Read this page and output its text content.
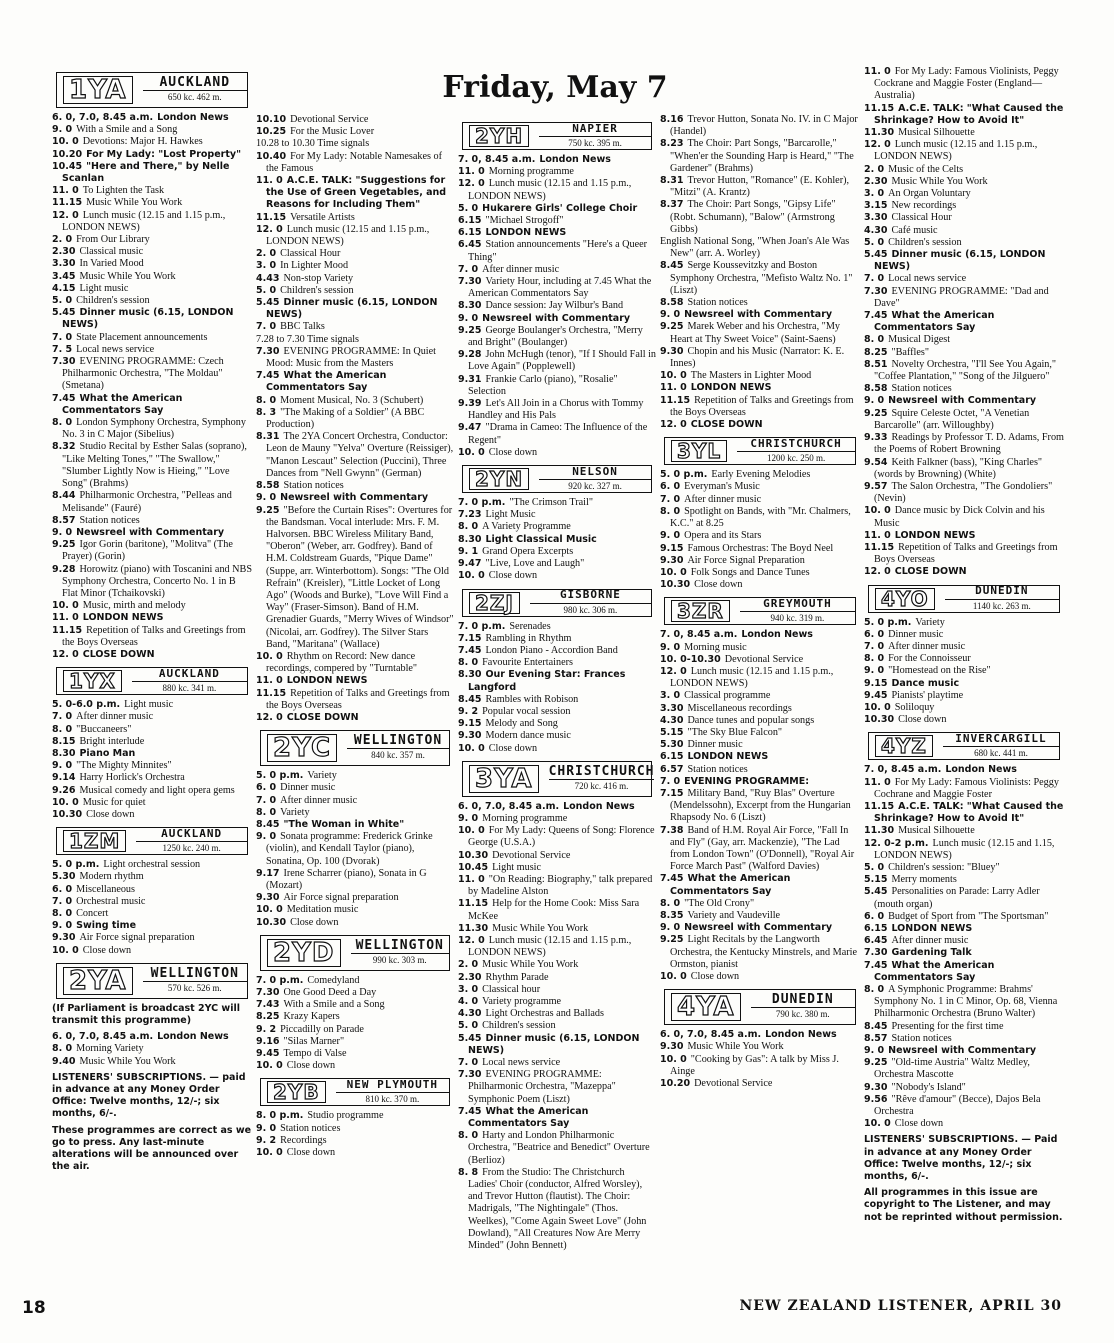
Friday, May 7
1YA	AUCKLAND
650 kc. 462 m.
6. 0, 7.0, 8.45 a.m. London News
9. 0 With a Smile and a Song
10. 0 Devotions: Major H. Hawkes
10.20 For My Lady: "Lost Property"
10.45 "Here and There," by Nelle Scanlan
11. 0 To Lighten the Task
11.15 Music While You Work
12. 0 Lunch music (12.15 and 1.15 p.m., LONDON NEWS)
2. 0 From Our Library
2.30 Classical music
3.30 In Varied Mood
3.45 Music While You Work
4.15 Light music
5. 0 Children's session
5.45 Dinner music (6.15, LONDON NEWS)
7. 0 State Placement announcements
7. 5 Local news service
7.30 EVENING PROGRAMME: Czech Philharmonic Orchestra, "The Moldau" (Smetana)
7.45 What the American Commentators Say
8. 0 London Symphony Orchestra, Symphony No. 3 in C Major (Sibelius)
8.32 Studio Recital by Esther Salas (soprano), "Like Melting Tones," "The Swallow," "Slumber Lightly Now is Hieing," "Love Song" (Brahms)
8.44 Philharmonic Orchestra, "Pelleas and Melisande" (Fauré)
8.57 Station notices
9. 0 Newsreel with Commentary
9.25 Igor Gorin (baritone), "Molitva" (The Prayer) (Gorin)
9.28 Horowitz (piano) with Toscanini and NBS Symphony Orchestra, Concerto No. 1 in B Flat Minor (Tchaikovski)
10. 0 Music, mirth and melody
11. 0 LONDON NEWS
11.15 Repetition of Talks and Greetings from the Boys Overseas
12. 0 CLOSE DOWN
1YX	AUCKLAND
880 kc. 341 m.
5. 0-6.0 p.m. Light music
7. 0 After dinner music
8. 0 "Buccaneers"
8.15 Bright interlude
8.30 Piano Man
9. 0 "The Mighty Minnites"
9.14 Harry Horlick's Orchestra
9.26 Musical comedy and light opera gems
10. 0 Music for quiet
10.30 Close down
1ZM	AUCKLAND
1250 kc. 240 m.
5. 0 p.m. Light orchestral session
5.30 Modern rhythm
6. 0 Miscellaneous
7. 0 Orchestral music
8. 0 Concert
9. 0 Swing time
9.30 Air Force signal preparation
10. 0 Close down
2YA	WELLINGTON
570 kc. 526 m.
(If Parliament is broadcast 2YC will transmit this programme)
6. 0, 7.0, 8.45 a.m. London News
8. 0 Morning Variety
9.40 Music While You Work
LISTENERS' SUBSCRIPTIONS. — paid in advance at any Money Order Office: Twelve months, 12/-; six months, 6/-.
These programmes are correct as we go to press. Any last-minute alterations will be announced over the air.
10.10 Devotional Service
10.25 For the Music Lover
10.28 to 10.30 Time signals
10.40 For My Lady: Notable Namesakes of the Famous
11. 0 A.C.E. TALK: "Suggestions for the Use of Green Vegetables, and Reasons for Including Them"
11.15 Versatile Artists
12. 0 Lunch music (12.15 and 1.15 p.m., LONDON NEWS)
2. 0 Classical Hour
3. 0 In Lighter Mood
4.43 Non-stop Variety
5. 0 Children's session
5.45 Dinner music (6.15, LONDON NEWS)
7. 0 BBC Talks
7.28 to 7.30 Time signals
7.30 EVENING PROGRAMME: In Quiet Mood: Music from the Masters
7.45 What the American Commentators Say
8. 0 Moment Musical, No. 3 (Schubert)
8. 3 "The Making of a Soldier" (A BBC Production)
8.31 The 2YA Concert Orchestra, Conductor: Leon de Mauny "Yelva" Overture (Reissiger), "Manon Lescaut" Selection (Puccini), Three Dances from "Nell Gwynn" (German)
8.58 Station notices
9. 0 Newsreel with Commentary
9.25 "Before the Curtain Rises": Overtures for the Bandsman. Vocal interlude: Mrs. F. M. Halvorsen. BBC Wireless Military Band, "Oberon" (Weber, arr. Godfrey). Band of H.M. Coldstream Guards, "Pique Dame" (Suppe, arr. Winterbottom). Songs: "The Old Refrain" (Kreisler), "Little Locket of Long Ago" (Woods and Burke), "Love Will Find a Way" (Fraser-Simson). Band of H.M. Grenadier Guards, "Merry Wives of Windsor" (Nicolai, arr. Godfrey). The Silver Stars Band, "Maritana" (Wallace)
10. 0 Rhythm on Record: New dance recordings, compered by "Turntable"
11. 0 LONDON NEWS
11.15 Repetition of Talks and Greetings from the Boys Overseas
12. 0 CLOSE DOWN
2YC	WELLINGTON
840 kc. 357 m.
5. 0 p.m. Variety
6. 0 Dinner music
7. 0 After dinner music
8. 0 Variety
8.45 "The Woman in White"
9. 0 Sonata programme: Frederick Grinke (violin), and Kendall Taylor (piano), Sonatina, Op. 100 (Dvorak)
9.17 Irene Scharrer (piano), Sonata in G (Mozart)
9.30 Air Force signal preparation
10. 0 Meditation music
10.30 Close down
2YD	WELLINGTON
990 kc. 303 m.
7. 0 p.m. Comedyland
7.30 One Good Deed a Day
7.43 With a Smile and a Song
8.25 Krazy Kapers
9. 2 Piccadilly on Parade
9.16 "Silas Marner"
9.45 Tempo di Valse
10. 0 Close down
2YB	NEW PLYMOUTH
810 kc. 370 m.
8. 0 p.m. Studio programme
9. 0 Station notices
9. 2 Recordings
10. 0 Close down
2YH	NAPIER
750 kc. 395 m.
7. 0, 8.45 a.m. London News
11. 0 Morning programme
12. 0 Lunch music (12.15 and 1.15 p.m., LONDON NEWS)
5. 0 Hukarere Girls' College Choir
6.15 "Michael Strogoff"
6.15 LONDON NEWS
6.45 Station announcements "Here's a Queer Thing"
7. 0 After dinner music
7.30 Variety Hour, including at 7.45 What the American Commentators Say
8.30 Dance session: Jay Wilbur's Band
9. 0 Newsreel with Commentary
9.25 George Boulanger's Orchestra, "Merry and Bright" (Boulanger)
9.28 John McHugh (tenor), "If I Should Fall in Love Again" (Popplewell)
9.31 Frankie Carlo (piano), "Rosalie" Selection
9.39 Let's All Join in a Chorus with Tommy Handley and His Pals
9.47 "Drama in Cameo: The Influence of the Regent"
10. 0 Close down
2YN	NELSON
920 kc. 327 m.
7. 0 p.m. "The Crimson Trail"
7.23 Light Music
8. 0 A Variety Programme
8.30 Light Classical Music
9. 1 Grand Opera Excerpts
9.47 "Live, Love and Laugh"
10. 0 Close down
2ZJ	GISBORNE
980 kc. 306 m.
7. 0 p.m. Serenades
7.15 Rambling in Rhythm
7.45 London Piano - Accordion Band
8. 0 Favourite Entertainers
8.30 Our Evening Star: Frances Langford
8.45 Rambles with Robison
9. 2 Popular vocal session
9.15 Melody and Song
9.30 Modern dance music
10. 0 Close down
3YA	CHRISTCHURCH
720 kc. 416 m.
6. 0, 7.0, 8.45 a.m. London News
9. 0 Morning programme
10. 0 For My Lady: Queens of Song: Florence George (U.S.A.)
10.30 Devotional Service
10.45 Light music
11. 0 "On Reading: Biography," talk prepared by Madeline Alston
11.15 Help for the Home Cook: Miss Sara McKee
11.30 Music While You Work
12. 0 Lunch music (12.15 and 1.15 p.m., LONDON NEWS)
2. 0 Music While You Work
2.30 Rhythm Parade
3. 0 Classical hour
4. 0 Variety programme
4.30 Light Orchestras and Ballads
5. 0 Children's session
5.45 Dinner music (6.15, LONDON NEWS)
7. 0 Local news service
7.30 EVENING PROGRAMME: Philharmonic Orchestra, "Mazeppa" Symphonic Poem (Liszt)
7.45 What the American Commentators Say
8. 0 Harty and London Philharmonic Orchestra, "Beatrice and Benedict" Overture (Berlioz)
8. 8 From the Studio: The Christchurch Ladies' Choir (conductor, Alfred Worsley), and Trevor Hutton (flautist). The Choir: Madrigals, "The Nightingale" (Thos. Weelkes), "Come Again Sweet Love" (John Dowland), "All Creatures Now Are Merry Minded" (John Bennett)
8.16 Trevor Hutton, Sonata No. IV. in C Major (Handel)
8.23 The Choir: Part Songs, "Barcarolle," "When'er the Sounding Harp is Heard," "The Gardener" (Brahms)
8.31 Trevor Hutton, "Romance" (E. Kohler), "Mitzi" (A. Krantz)
8.37 The Choir: Part Songs, "Gipsy Life" (Robt. Schumann), "Balow" (Armstrong Gibbs)
English National Song, "When Joan's Ale Was New" (arr. A. Worley)
8.45 Serge Koussevitzky and Boston Symphony Orchestra, "Mefisto Waltz No. 1" (Liszt)
8.58 Station notices
9. 0 Newsreel with Commentary
9.25 Marek Weber and his Orchestra, "My Heart at Thy Sweet Voice" (Saint-Saens)
9.30 Chopin and his Music (Narrator: K. E. Innes)
10. 0 The Masters in Lighter Mood
11. 0 LONDON NEWS
11.15 Repetition of Talks and Greetings from the Boys Overseas
12. 0 CLOSE DOWN
3YL	CHRISTCHURCH
1200 kc. 250 m.
5. 0 p.m. Early Evening Melodies
6. 0 Everyman's Music
7. 0 After dinner music
8. 0 Spotlight on Bands, with "Mr. Chalmers, K.C." at 8.25
9. 0 Opera and its Stars
9.15 Famous Orchestras: The Boyd Neel
9.30 Air Force Signal Preparation
10. 0 Folk Songs and Dance Tunes
10.30 Close down
3ZR	GREYMOUTH
940 kc. 319 m.
7. 0, 8.45 a.m. London News
9. 0 Morning music
10. 0-10.30 Devotional Service
12. 0 Lunch music (12.15 and 1.15 p.m., LONDON NEWS)
3. 0 Classical programme
3.30 Miscellaneous recordings
4.30 Dance tunes and popular songs
5.15 "The Sky Blue Falcon"
5.30 Dinner music
6.15 LONDON NEWS
6.57 Station notices
7. 0 EVENING PROGRAMME:
7.15 Military Band, "Ruy Blas" Overture (Mendelssohn), Excerpt from the Hungarian Rhapsody No. 6 (Liszt)
7.38 Band of H.M. Royal Air Force, "Fall In and Fly" (Gay, arr. Mackenzie), "The Lad from London Town" (O'Donnell), "Royal Air Force March Past" (Walford Davies)
7.45 What the American Commentators Say
8. 0 "The Old Crony"
8.35 Variety and Vaudeville
9. 0 Newsreel with Commentary
9.25 Light Recitals by the Langworth Orchestra, the Kentucky Minstrels, and Marie Ormston, pianist
10. 0 Close down
4YA	DUNEDIN
790 kc. 380 m.
6. 0, 7.0, 8.45 a.m. London News
9.30 Music While You Work
10. 0 "Cooking by Gas": A talk by Miss J. Ainge
10.20 Devotional Service
11. 0 For My Lady: Famous Violinists, Peggy Cockrane and Maggie Foster (England—Australia)
11.15 A.C.E. TALK: "What Caused the Shrinkage? How to Avoid It"
11.30 Musical Silhouette
12. 0 Lunch music (12.15 and 1.15 p.m., LONDON NEWS)
2. 0 Music of the Celts
2.30 Music While You Work
3. 0 An Organ Voluntary
3.15 New recordings
3.30 Classical Hour
4.30 Café music
5. 0 Children's session
5.45 Dinner music (6.15, LONDON NEWS)
7. 0 Local news service
7.30 EVENING PROGRAMME: "Dad and Dave"
7.45 What the American Commentators Say
8. 0 Musical Digest
8.25 "Baffles"
8.51 Novelty Orchestra, "I'll See You Again," "Coffee Plantation," "Song of the Jilguero"
8.58 Station notices
9. 0 Newsreel with Commentary
9.25 Squire Celeste Octet, "A Venetian Barcarolle" (arr. Willoughby)
9.33 Readings by Professor T. D. Adams, From the Poems of Robert Browning
9.54 Keith Falkner (bass), "King Charles" (words by Browning) (White)
9.57 The Salon Orchestra, "The Gondoliers" (Nevin)
10. 0 Dance music by Dick Colvin and his Music
11. 0 LONDON NEWS
11.15 Repetition of Talks and Greetings from Boys Overseas
12. 0 CLOSE DOWN
4YO	DUNEDIN
1140 kc. 263 m.
5. 0 p.m. Variety
6. 0 Dinner music
7. 0 After dinner music
8. 0 For the Connoisseur
9. 0 "Homestead on the Rise"
9.15 Dance music
9.45 Pianists' playtime
10. 0 Soliloquy
10.30 Close down
4YZ	INVERCARGILL
680 kc. 441 m.
7. 0, 8.45 a.m. London News
11. 0 For My Lady: Famous Violinists: Peggy Cochrane and Maggie Foster
11.15 A.C.E. TALK: "What Caused the Shrinkage? How to Avoid It"
11.30 Musical Silhouette
12. 0-2 p.m. Lunch music (12.15 and 1.15, LONDON NEWS)
5. 0 Children's session: "Bluey"
5.15 Merry moments
5.45 Personalities on Parade: Larry Adler (mouth organ)
6. 0 Budget of Sport from "The Sportsman"
6.15 LONDON NEWS
6.45 After dinner music
7.30 Gardening Talk
7.45 What the American Commentators Say
8. 0 A Symphonic Programme: Brahms' Symphony No. 1 in C Minor, Op. 68, Vienna Philharmonic Orchestra (Bruno Walter)
8.45 Presenting for the first time
8.57 Station notices
9. 0 Newsreel with Commentary
9.25 "Old-time Austria" Waltz Medley, Orchestra Mascotte
9.30 "Nobody's Island"
9.56 "Rêve d'amour" (Becce), Dajos Bela Orchestra
10. 0 Close down
LISTENERS' SUBSCRIPTIONS. — Paid in advance at any Money Order Office: Twelve months, 12/-; six months, 6/-.
All programmes in this issue are copyright to The Listener, and may not be reprinted without permission.
18	NEW ZEALAND LISTENER, APRIL 30
